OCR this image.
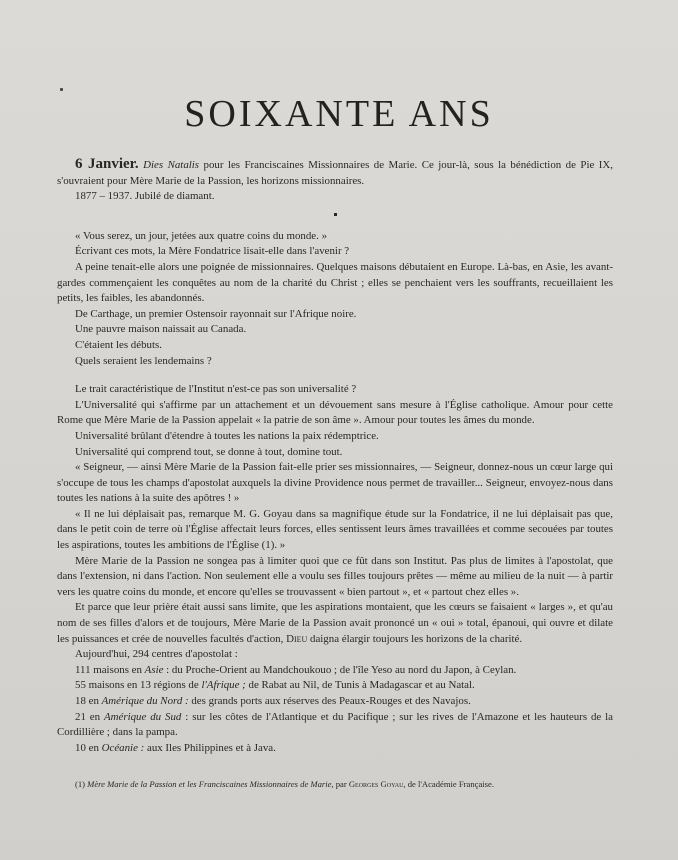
SOIXANTE ANS

6 Janvier. Dies Natalis pour les Franciscaines Missionnaires de Marie. Ce jour-là, sous la bénédiction de Pie IX, s'ouvraient pour Mère Marie de la Passion, les horizons missionnaires.

1877 – 1937. Jubilé de diamant.

« Vous serez, un jour, jetées aux quatre coins du monde. »

Écrivant ces mots, la Mère Fondatrice lisait-elle dans l'avenir ?

A peine tenait-elle alors une poignée de missionnaires. Quelques maisons débutaient en Europe. Là-bas, en Asie, les avant-gardes commençaient les conquêtes au nom de la charité du Christ ; elles se penchaient vers les souffrants, recueillaient les petits, les faibles, les abandonnés.

De Carthage, un premier Ostensoir rayonnait sur l'Afrique noire.

Une pauvre maison naissait au Canada.

C'étaient les débuts.

Quels seraient les lendemains ?

Le trait caractéristique de l'Institut n'est-ce pas son universalité ?

L'Universalité qui s'affirme par un attachement et un dévouement sans mesure à l'Église catholique. Amour pour cette Rome que Mère Marie de la Passion appelait « la patrie de son âme ». Amour pour toutes les âmes du monde.

Universalité brûlant d'étendre à toutes les nations la paix rédemptrice.

Universalité qui comprend tout, se donne à tout, domine tout.

« Seigneur, — ainsi Mère Marie de la Passion fait-elle prier ses missionnaires, — Seigneur, donnez-nous un cœur large qui s'occupe de tous les champs d'apostolat auxquels la divine Providence nous permet de travailler... Seigneur, envoyez-nous dans toutes les nations à la suite des apôtres ! »

« Il ne lui déplaisait pas, remarque M. G. Goyau dans sa magnifique étude sur la Fondatrice, il ne lui déplaisait pas que, dans le petit coin de terre où l'Église affectait leurs forces, elles sentissent leurs âmes travaillées et comme secouées par toutes les aspirations, toutes les ambitions de l'Église (1). »

Mère Marie de la Passion ne songea pas à limiter quoi que ce fût dans son Institut. Pas plus de limites à l'apostolat, que dans l'extension, ni dans l'action. Non seulement elle a voulu ses filles toujours prêtes — même au milieu de la nuit — à partir vers les quatre coins du monde, et encore qu'elles se trouvassent « bien partout », et « partout chez elles ».

Et parce que leur prière était aussi sans limite, que les aspirations montaient, que les cœurs se faisaient « larges », et qu'au nom de ses filles d'alors et de toujours, Mère Marie de la Passion avait prononcé un « oui » total, épanoui, qui ouvre et dilate les puissances et crée de nouvelles facultés d'action, Dieu daigna élargir toujours les horizons de la charité.

Aujourd'hui, 294 centres d'apostolat :

111 maisons en Asie : du Proche-Orient au Mandchoukouo ; de l'île Yeso au nord du Japon, à Ceylan.

55 maisons en 13 régions de l'Afrique ; de Rabat au Nil, de Tunis à Madagascar et au Natal.

18 en Amérique du Nord : des grands ports aux réserves des Peaux-Rouges et des Navajos.

21 en Amérique du Sud : sur les côtes de l'Atlantique et du Pacifique ; sur les rives de l'Amazone et les hauteurs de la Cordillière ; dans la pampa.

10 en Océanie : aux Iles Philippines et à Java.

(1) Mère Marie de la Passion et les Franciscaines Missionnaires de Marie, par Georges Goyau, de l'Académie Française.
